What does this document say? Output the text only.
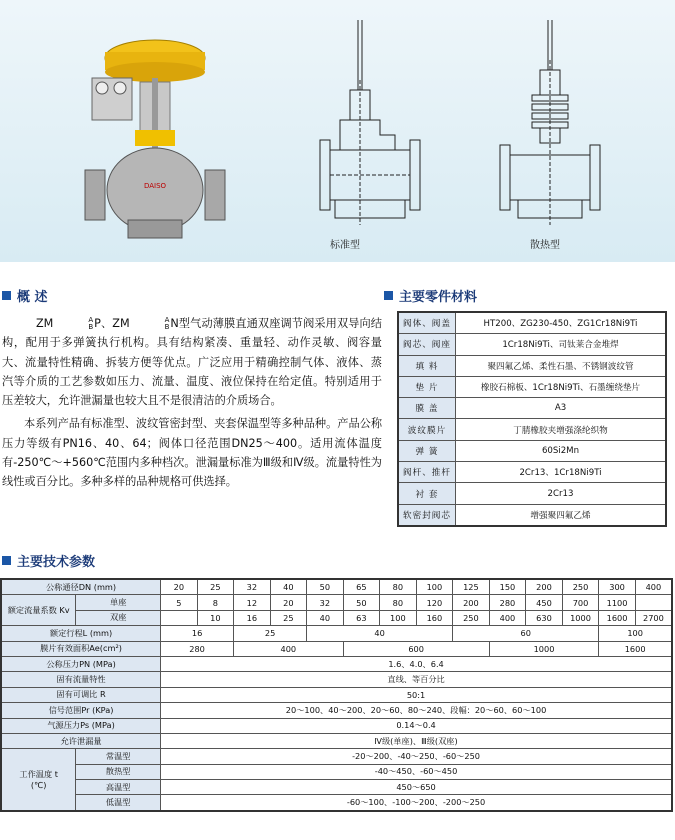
DAISO
标准型	散热型
概 述

ZM	A
B P、ZM	A
B N型气动薄膜直通双座调节阀采用双导向结构，配用于多弹簧执行机构。具有结构紧凑、重量轻、动作灵敏、阀容量大、流量特性精确、拆装方便等优点。广泛应用于精确控制气体、液体、蒸汽等介质的工艺参数如压力、流量、温度、液位保持在给定值。特别适用于压差较大，允许泄漏量也较大且不是很清洁的介质场合。

本系列产品有标准型、波纹管密封型、夹套保温型等多种品种。产品公称压力等级有PN16、40、64；阀体口径范围DN25～400。适用流体温度有-250℃～+560℃范围内多种档次。泄漏量标准为Ⅲ级和Ⅳ级。流量特性为线性或百分比。多种多样的品种规格可供选择。

主要零件材料
阀体、阀盖	HT200、ZG230-450、ZG1Cr18Ni9Ti
阀芯、阀座	1Cr18Ni9Ti、司钛莱合金堆焊
填 料	聚四氟乙烯、柔性石墨、不锈钢波纹管
垫 片	橡胶石棉板、1Cr18Ni9Ti、石墨缠绕垫片
膜 盖	A3
波纹膜片	丁腈橡胶夹增强涤纶织物
弹 簧	60Si2Mn
阀杆、推杆	2Cr13、1Cr18Ni9Ti
衬 套	2Cr13
软密封阀芯	增强聚四氟乙烯
主要技术参数
公称通径DN (mm)		20	25	32	40	50	65	80	100	125	150	200	250	300	400
额定流量系数 Kv	单座	5	8	12	20	32	50	80	120	200	280	450	700	1100	
	双座		10	16	25	40	63	100	160	250	400	630	1000	1600	2700
额定行程L (mm)		16		25		40				60				100	
膜片有效面积Ae(cm²)		280		400			600				1000			1600	
公称压力PN (MPa)		1.6、4.0、6.4													
固有流量特性		直线、等百分比													
固有可调比 R		50:1													
信号范围Pr (KPa)		20～100、40～200、20～60、80～240、段幅：20～60、60～100													
气源压力Ps (MPa)		0.14～0.4													
允许泄漏量		Ⅳ级(单座)、Ⅲ级(双座)													
工作温度 t
(℃)	常温型	-20～200、-40～250、-60～250													
	散热型	-40～450、-60～450													
	高温型	450～650													
	低温型	-60～100、-100～200、-200～250													
